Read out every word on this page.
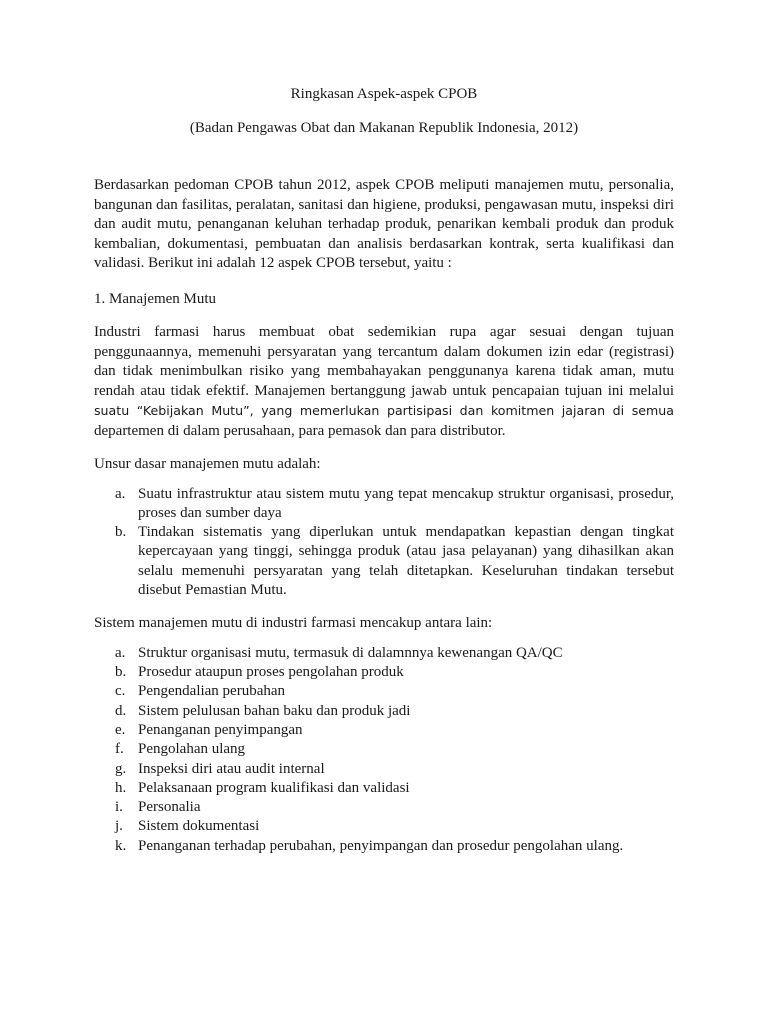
Ringkasan Aspek-aspek CPOB

(Badan Pengawas Obat dan Makanan Republik Indonesia, 2012)

Berdasarkan pedoman CPOB tahun 2012, aspek CPOB meliputi manajemen mutu, personalia, bangunan dan fasilitas, peralatan, sanitasi dan higiene, produksi, pengawasan mutu, inspeksi diri dan audit mutu, penanganan keluhan terhadap produk, penarikan kembali produk dan produk kembalian, dokumentasi, pembuatan dan analisis berdasarkan kontrak, serta kualifikasi dan validasi. Berikut ini adalah 12 aspek CPOB tersebut, yaitu :

1. Manajemen Mutu

Industri farmasi harus membuat obat sedemikian rupa agar sesuai dengan tujuan penggunaannya, memenuhi persyaratan yang tercantum dalam dokumen izin edar (registrasi) dan tidak menimbulkan risiko yang membahayakan penggunanya karena tidak aman, mutu rendah atau tidak efektif. Manajemen bertanggung jawab untuk pencapaian tujuan ini melalui suatu “Kebijakan Mutu”, yang memerlukan partisipasi dan komitmen jajaran di semua departemen di dalam perusahaan, para pemasok dan para distributor.

Unsur dasar manajemen mutu adalah:

a. Suatu infrastruktur atau sistem mutu yang tepat mencakup struktur organisasi, prosedur, proses dan sumber daya
b. Tindakan sistematis yang diperlukan untuk mendapatkan kepastian dengan tingkat kepercayaan yang tinggi, sehingga produk (atau jasa pelayanan) yang dihasilkan akan selalu memenuhi persyaratan yang telah ditetapkan. Keseluruhan tindakan tersebut disebut Pemastian Mutu.

Sistem manajemen mutu di industri farmasi mencakup antara lain:

a. Struktur organisasi mutu, termasuk di dalamnnya kewenangan QA/QC
b. Prosedur ataupun proses pengolahan produk
c. Pengendalian perubahan
d. Sistem pelulusan bahan baku dan produk jadi
e. Penanganan penyimpangan
f. Pengolahan ulang
g. Inspeksi diri atau audit internal
h. Pelaksanaan program kualifikasi dan validasi
i. Personalia
j. Sistem dokumentasi
k. Penanganan terhadap perubahan, penyimpangan dan prosedur pengolahan ulang.
